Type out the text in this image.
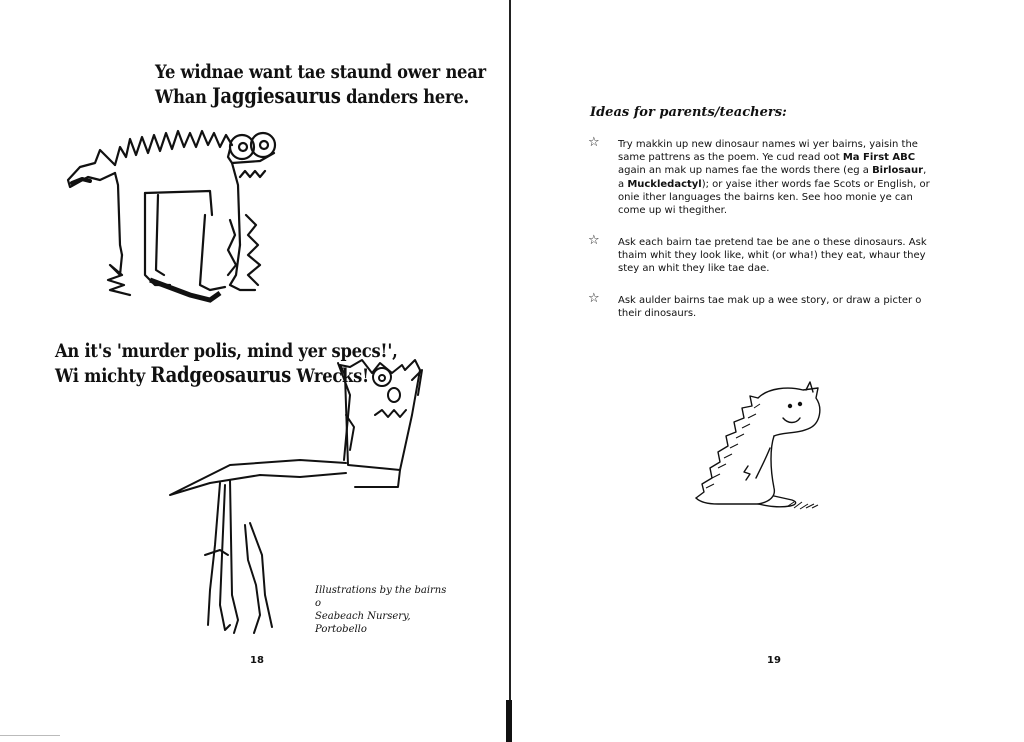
Ye widnae want tae staund ower near
Whan Jaggiesaurus danders here.
An it's 'murder polis, mind yer specs!',
Wi michty Radgeosaurus Wrecks!
Illustrations by the bairns o
Seabeach Nursery, Portobello
18
Ideas for parents/teachers:
☆ Try makkin up new dinosaur names wi yer bairns, yaisin the same pattrens as the poem. Ye cud read oot Ma First ABC again an mak up names fae the words there (eg a Birlosaur, a Muckledactyl); or yaise ither words fae Scots or English, or onie ither languages the bairns ken. See hoo monie ye can come up wi thegither.
☆ Ask each bairn tae pretend tae be ane o these dinosaurs. Ask thaim whit they look like, whit (or wha!) they eat, whaur they stey an whit they like tae dae.
☆ Ask aulder bairns tae mak up a wee story, or draw a picter o their dinosaurs.
19
